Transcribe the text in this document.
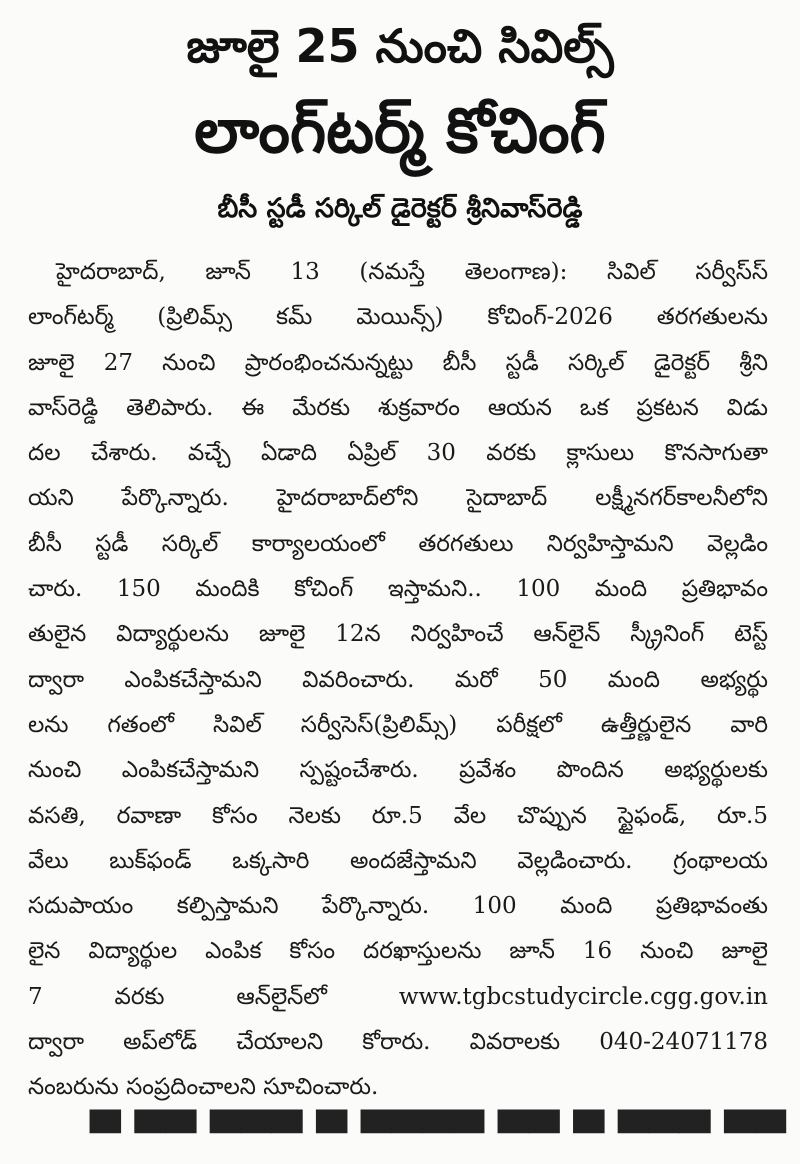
జూలై 25 నుంచి సివిల్స్
లాంగ్‌టర్మ్ కోచింగ్
బీసీ స్టడీ సర్కిల్ డైరెక్టర్ శ్రీనివాస్‌రెడ్డి
హైదరాబాద్, జూన్ 13 (నమస్తే తెలంగాణ): సివిల్ సర్వీస్‌స్
లాంగ్‌టర్మ్ (ప్రిలిమ్స్ కమ్ మెయిన్స్) కోచింగ్-2026 తరగతులను
జూలై 27 నుంచి ప్రారంభించనున్నట్టు బీసీ స్టడీ సర్కిల్ డైరెక్టర్ శ్రీని
వాస్‌రెడ్డి తెలిపారు. ఈ మేరకు శుక్రవారం ఆయన ఒక ప్రకటన విడు
దల చేశారు. వచ్చే ఏడాది ఏప్రిల్ 30 వరకు క్లాసులు కొనసాగుతా
యని పేర్కొన్నారు. హైదరాబాద్‌లోని సైదాబాద్ లక్ష్మీనగర్‌కాలనీలోని
బీసీ స్టడీ సర్కిల్ కార్యాలయంలో తరగతులు నిర్వహిస్తామని వెల్లడిం
చారు. 150 మందికి కోచింగ్ ఇస్తామని.. 100 మంది ప్రతిభావం
తులైన విద్యార్థులను జూలై 12న నిర్వహించే ఆన్‌లైన్ స్క్రీనింగ్ టెస్ట్
ద్వారా ఎంపికచేస్తామని వివరించారు. మరో 50 మంది అభ్యర్థు
లను గతంలో సివిల్ సర్వీసెస్(ప్రిలిమ్స్) పరీక్షలో ఉత్తీర్ణులైన వారి
నుంచి ఎంపికచేస్తామని స్పష్టంచేశారు. ప్రవేశం పొందిన అభ్యర్థులకు
వసతి, రవాణా కోసం నెలకు రూ.5 వేల చొప్పున స్టైఫండ్, రూ.5
వేలు బుక్‌ఫండ్ ఒక్కసారి అందజేస్తామని వెల్లడించారు. గ్రంథాలయ
సదుపాయం కల్పిస్తామని పేర్కొన్నారు. 100 మంది ప్రతిభావంతు
లైన విద్యార్థుల ఎంపిక కోసం దరఖాస్తులను జూన్ 16 నుంచి జూలై
7 వరకు ఆన్‌లైన్‌లో www.tgbcstudycircle.cgg.gov.in
ద్వారా అప్‌లోడ్ చేయాలని కోరారు. వివరాలకు 040-24071178
నంబరును సంప్రదించాలని సూచించారు.
▀ ▀▀ ▀▀▀ ▀ ▀▀▀▀ ▀▀ ▀ ▀▀▀ ▀▀
